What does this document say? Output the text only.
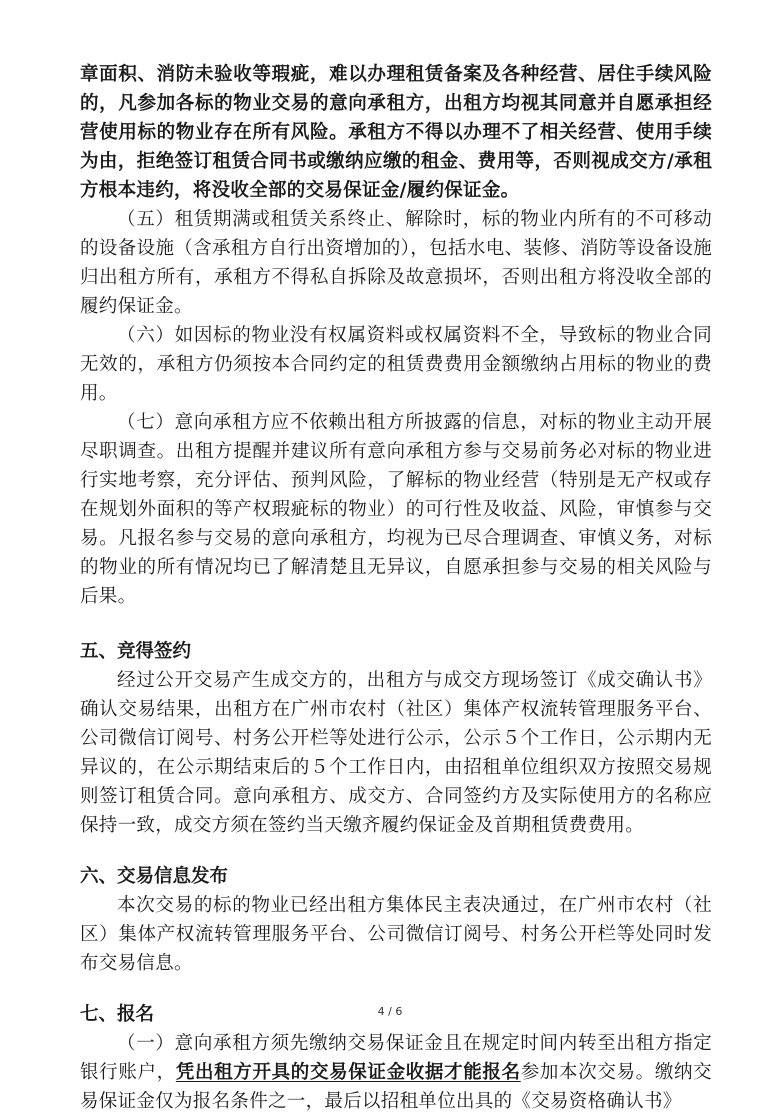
章面积、消防未验收等瑕疵，难以办理租赁备案及各种经营、居住手续风险的，凡参加各标的物业交易的意向承租方，出租方均视其同意并自愿承担经营使用标的物业存在所有风险。承租方不得以办理不了相关经营、使用手续为由，拒绝签订租赁合同书或缴纳应缴的租金、费用等，否则视成交方/承租方根本违约，将没收全部的交易保证金/履约保证金。

（五）租赁期满或租赁关系终止、解除时，标的物业内所有的不可移动的设备设施（含承租方自行出资增加的），包括水电、装修、消防等设备设施归出租方所有，承租方不得私自拆除及故意损坏，否则出租方将没收全部的履约保证金。

（六）如因标的物业没有权属资料或权属资料不全，导致标的物业合同无效的，承租方仍须按本合同约定的租赁费费用金额缴纳占用标的物业的费用。

（七）意向承租方应不依赖出租方所披露的信息，对标的物业主动开展尽职调查。出租方提醒并建议所有意向承租方参与交易前务必对标的物业进行实地考察，充分评估、预判风险，了解标的物业经营（特别是无产权或存在规划外面积的等产权瑕疵标的物业）的可行性及收益、风险，审慎参与交易。凡报名参与交易的意向承租方，均视为已尽合理调查、审慎义务，对标的物业的所有情况均已了解清楚且无异议，自愿承担参与交易的相关风险与后果。

五、竞得签约

经过公开交易产生成交方的，出租方与成交方现场签订《成交确认书》确认交易结果，出租方在广州市农村（社区）集体产权流转管理服务平台、公司微信订阅号、村务公开栏等处进行公示，公示５个工作日，公示期内无异议的，在公示期结束后的５个工作日内，由招租单位组织双方按照交易规则签订租赁合同。意向承租方、成交方、合同签约方及实际使用方的名称应保持一致，成交方须在签约当天缴齐履约保证金及首期租赁费费用。

六、交易信息发布

本次交易的标的物业已经出租方集体民主表决通过，在广州市农村（社区）集体产权流转管理服务平台、公司微信订阅号、村务公开栏等处同时发布交易信息。

七、报名

（一）意向承租方须先缴纳交易保证金且在规定时间内转至出租方指定银行账户，凭出租方开具的交易保证金收据才能报名参加本次交易。缴纳交易保证金仅为报名条件之一，最后以招租单位出具的《交易资格确认书》

4 / 6
